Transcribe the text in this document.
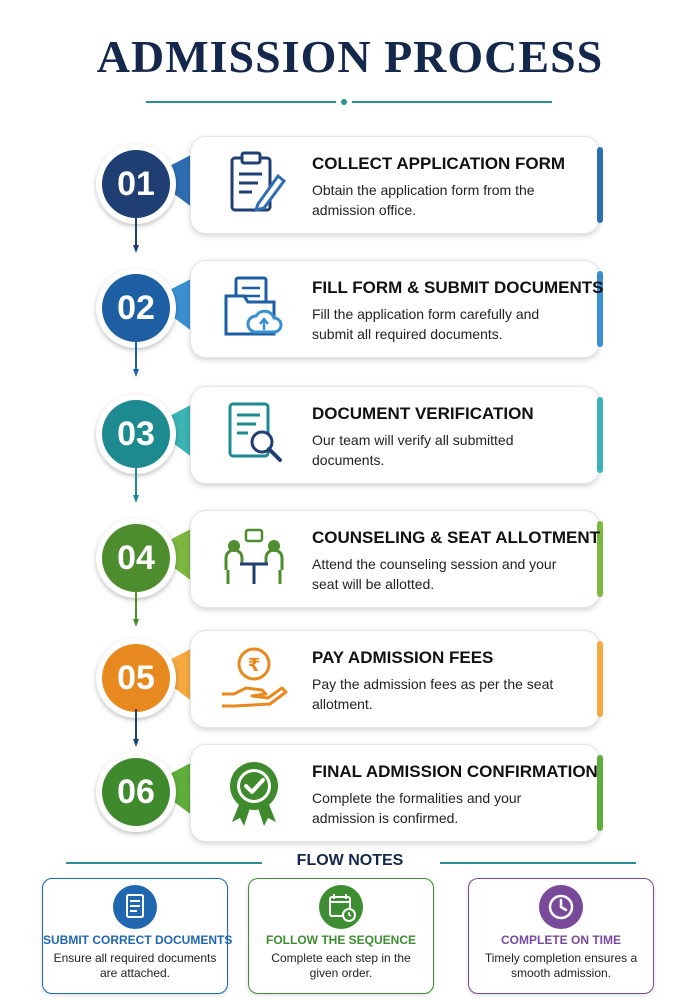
ADMISSION PROCESS
01
COLLECT APPLICATION FORM
Obtain the application form from the admission office.
02
FILL FORM & SUBMIT DOCUMENTS
Fill the application form carefully and submit all required documents.
03
DOCUMENT VERIFICATION
Our team will verify all submitted documents.
04
COUNSELING & SEAT ALLOTMENT
Attend the counseling session and your seat will be allotted.
05	₹	PAY ADMISSION FEES
Pay the admission fees as per the seat allotment.
06
FINAL ADMISSION CONFIRMATION
Complete the formalities and your admission is confirmed.
FLOW NOTES
SUBMIT CORRECT DOCUMENTS
Ensure all required documents are attached.
FOLLOW THE SEQUENCE
Complete each step in the given order.
COMPLETE ON TIME
Timely completion ensures a smooth admission.
